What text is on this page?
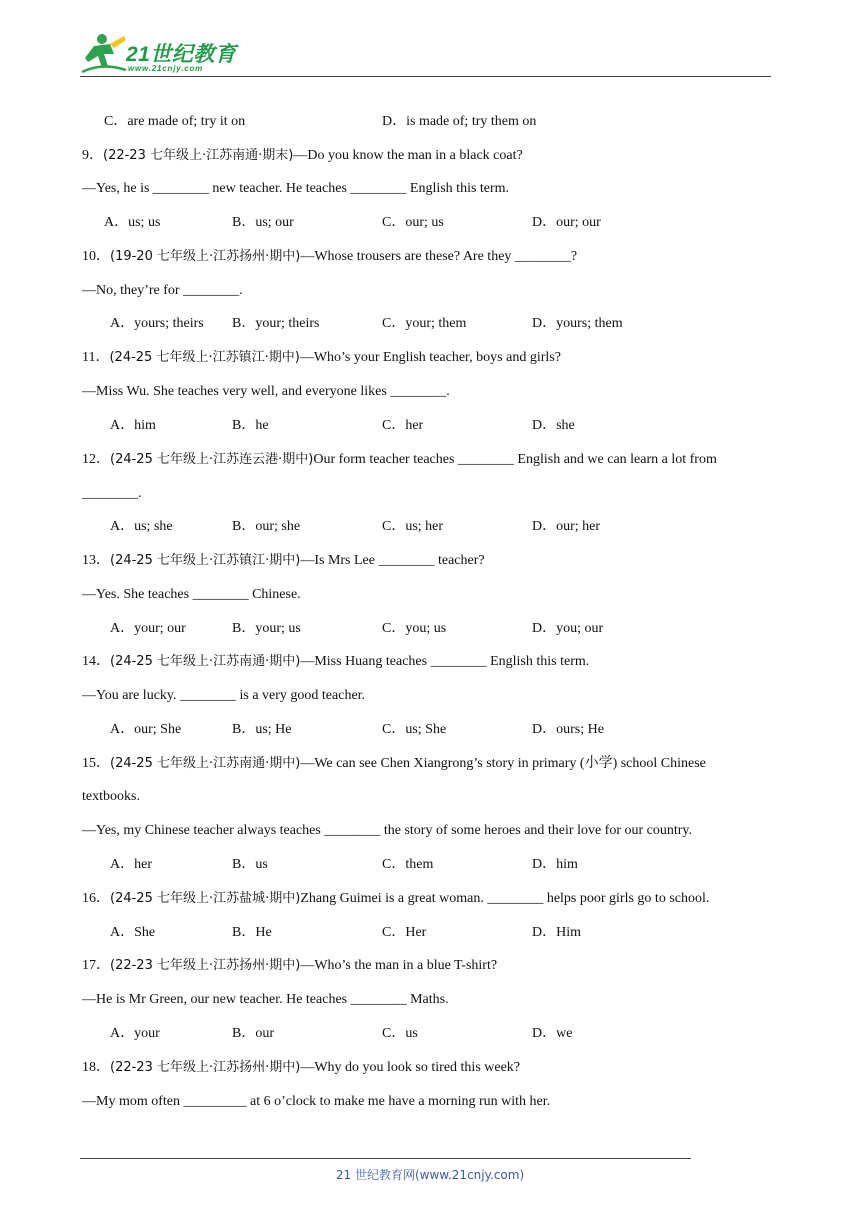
21世纪教育
www.21cnjy.com
C．are made of; try it on	D．is made of; try them on
9．(22-23 七年级上·江苏南通·期末)—Do you know the man in a black coat?
—Yes, he is ________ new teacher. He teaches ________ English this term.
A．us; us	B．us; our	C．our; us	D．our; our
10．(19-20 七年级上·江苏扬州·期中)—Whose trousers are these? Are they ________?
—No, they’re for ________.
A．yours; theirs B．your; theirs	C．your; them	D．yours; them
11．(24-25 七年级上·江苏镇江·期中)—Who’s your English teacher, boys and girls?
—Miss Wu. She teaches very well, and everyone likes ________.
A．him	B．he	C．her	D．she
12．(24-25 七年级上·江苏连云港·期中)Our form teacher teaches ________ English and we can learn a lot from
________.
A．us; she	B．our; she	C．us; her	D．our; her
13．(24-25 七年级上·江苏镇江·期中)—Is Mrs Lee ________ teacher?
—Yes. She teaches ________ Chinese.
A．your; our	B．your; us	C．you; us	D．you; our
14．(24-25 七年级上·江苏南通·期中)—Miss Huang teaches ________ English this term.
—You are lucky. ________ is a very good teacher.
A．our; She	B．us; He	C．us; She	D．ours; He
15．(24-25 七年级上·江苏南通·期中)—We can see Chen Xiangrong’s story in primary (小学) school Chinese
textbooks.
—Yes, my Chinese teacher always teaches ________ the story of some heroes and their love for our country.
A．her	B．us	C．them	D．him
16．(24-25 七年级上·江苏盐城·期中)Zhang Guimei is a great woman. ________ helps poor girls go to school.
A．She	B．He	C．Her	D．Him
17．(22-23 七年级上·江苏扬州·期中)—Who’s the man in a blue T-shirt?
—He is Mr Green, our new teacher. He teaches ________ Maths.
A．your	B．our	C．us	D．we
18．(22-23 七年级上·江苏扬州·期中)—Why do you look so tired this week?
—My mom often _________ at 6 o’clock to make me have a morning run with her.
21 世纪教育网(www.21cnjy.com)
